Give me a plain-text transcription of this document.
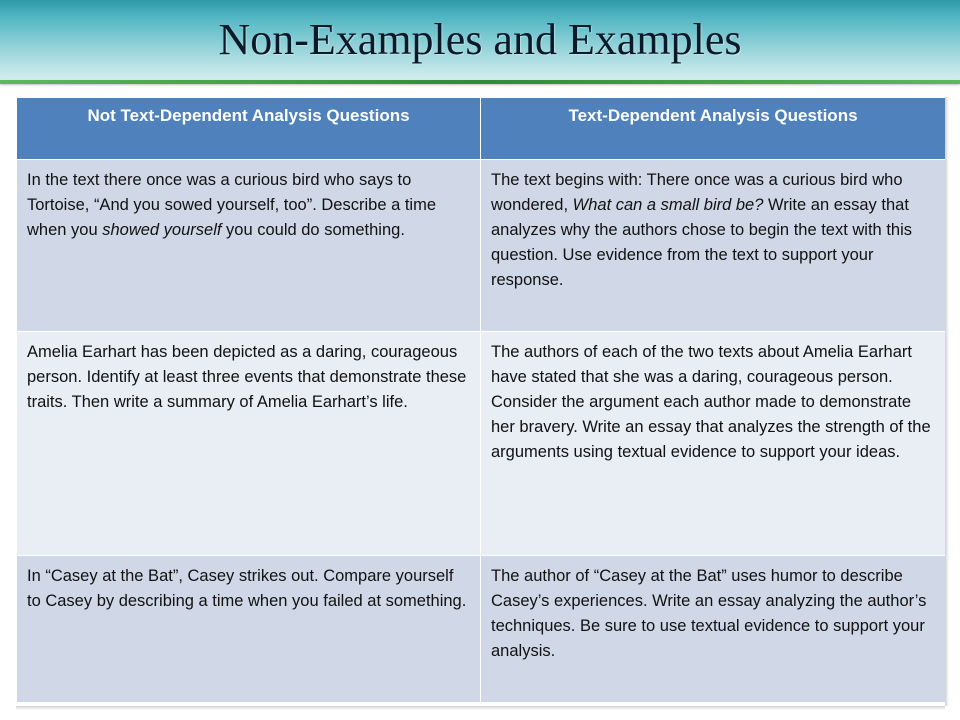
Non-Examples and Examples
Not Text-Dependent Analysis Questions	Text-Dependent Analysis Questions
In the text there once was a curious bird who says to Tortoise, “And you sowed yourself, too”. Describe a time when you showed yourself you could do something.	The text begins with: There once was a curious bird who wondered, What can a small bird be? Write an essay that analyzes why the authors chose to begin the text with this question. Use evidence from the text to support your response.
Amelia Earhart has been depicted as a daring, courageous person. Identify at least three events that demonstrate these traits. Then write a summary of Amelia Earhart’s life.	The authors of each of the two texts about Amelia Earhart have stated that she was a daring, courageous person. Consider the argument each author made to demonstrate her bravery. Write an essay that analyzes the strength of the arguments using textual evidence to support your ideas.
In “Casey at the Bat”, Casey strikes out. Compare yourself to Casey by describing a time when you failed at something.	The author of “Casey at the Bat” uses humor to describe Casey’s experiences. Write an essay analyzing the author’s techniques. Be sure to use textual evidence to support your analysis.
